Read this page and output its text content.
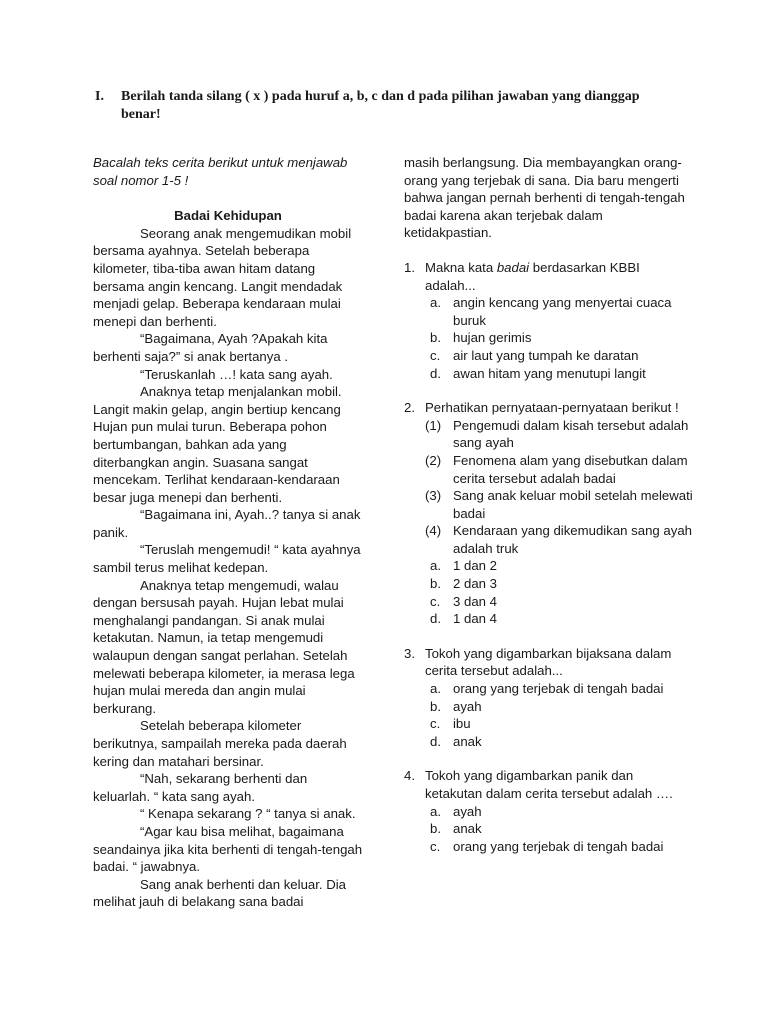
I. Berilah tanda silang ( x ) pada huruf a, b, c dan d pada pilihan jawaban yang dianggap benar!
Bacalah teks cerita berikut untuk menjawab soal nomor 1-5 !
Badai Kehidupan

Seorang anak mengemudikan mobil bersama ayahnya. Setelah beberapa kilometer, tiba-tiba awan hitam datang bersama angin kencang. Langit mendadak menjadi gelap. Beberapa kendaraan mulai menepi dan berhenti.

“Bagaimana, Ayah ?Apakah kita berhenti saja?” si anak bertanya .

“Teruskanlah …! kata sang ayah.

Anaknya tetap menjalankan mobil. Langit makin gelap, angin bertiup kencang Hujan pun mulai turun. Beberapa pohon bertumbangan, bahkan ada yang diterbangkan angin. Suasana sangat mencekam. Terlihat kendaraan-kendaraan besar juga menepi dan berhenti.

“Bagaimana ini, Ayah..? tanya si anak panik.

“Teruslah mengemudi! “ kata ayahnya sambil terus melihat kedepan.

Anaknya tetap mengemudi, walau dengan bersusah payah. Hujan lebat mulai menghalangi pandangan. Si anak mulai ketakutan. Namun, ia tetap mengemudi walaupun dengan sangat perlahan. Setelah melewati beberapa kilometer, ia merasa lega hujan mulai mereda dan angin mulai berkurang.

Setelah beberapa kilometer berikutnya, sampailah mereka pada daerah kering dan matahari bersinar.

“Nah, sekarang berhenti dan keluarlah. “ kata sang ayah.

“ Kenapa sekarang ? “ tanya si anak.

“Agar kau bisa melihat, bagaimana seandainya jika kita berhenti di tengah-tengah badai. “ jawabnya.

Sang anak berhenti dan keluar. Dia melihat jauh di belakang sana badai

masih berlangsung. Dia membayangkan orang-orang yang terjebak di sana. Dia baru mengerti bahwa jangan pernah berhenti di tengah-tengah badai karena akan terjebak dalam ketidakpastian.

1. Makna kata badai berdasarkan KBBI adalah...
a. angin kencang yang menyertai cuaca buruk
b. hujan gerimis
c. air laut yang tumpah ke daratan
d. awan hitam yang menutupi langit
2. Perhatikan pernyataan-pernyataan berikut !
(1) Pengemudi dalam kisah tersebut adalah sang ayah
(2) Fenomena alam yang disebutkan dalam cerita tersebut adalah badai
(3) Sang anak keluar mobil setelah melewati badai
(4) Kendaraan yang dikemudikan sang ayah adalah truk
a. 1 dan 2
b. 2 dan 3
c. 3 dan 4
d. 1 dan 4
3. Tokoh yang digambarkan bijaksana dalam cerita tersebut adalah...
a. orang yang terjebak di tengah badai
b. ayah
c. ibu
d. anak
4. Tokoh yang digambarkan panik dan ketakutan dalam cerita tersebut adalah ….
a. ayah
b. anak
c. orang yang terjebak di tengah badai
